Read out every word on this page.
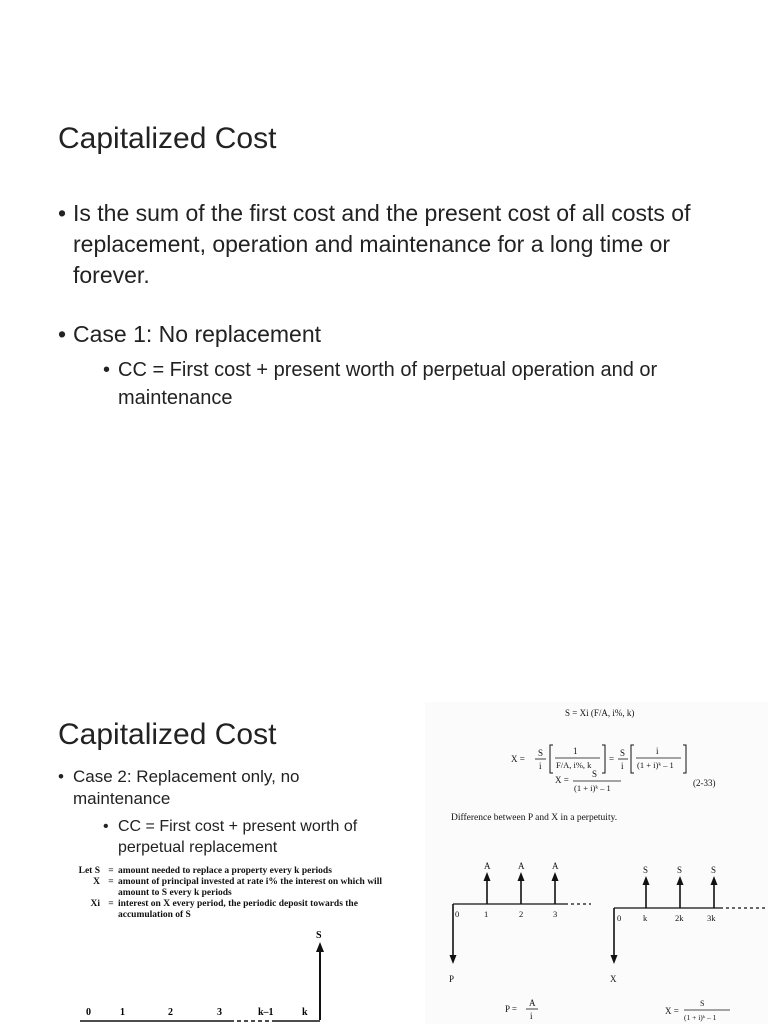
Capitalized Cost
• Is the sum of the first cost and the present cost of all costs of replacement, operation and maintenance for a long time or forever.
• Case 1: No replacement
• CC = First cost + present worth of perpetual operation and or maintenance
Capitalized Cost
• Case 2: Replacement only, no maintenance
• CC = First cost + present worth of perpetual replacement
Let S = amount needed to replace a property every k periods
X = amount of principal invested at rate i% the interest on which will amount to S every k periods
Xi = interest on X every period, the periodic deposit towards the accumulation of S
S
0	1	2	3	k–1	k
S = Xi (F/A, i%, k)
X =
S
i
1
F/A, i%, k
=
S
i
i
(1 + i)ᵏ – 1
X =
S
(1 + i)ᵏ – 1	(2-33)
Difference between P and X in a perpetuity.
A	A	A
0	1	2	3
P
P =
A
i
S	S	S
0	k	2k	3k
X
X =
S
(1 + i)ᵏ – 1
